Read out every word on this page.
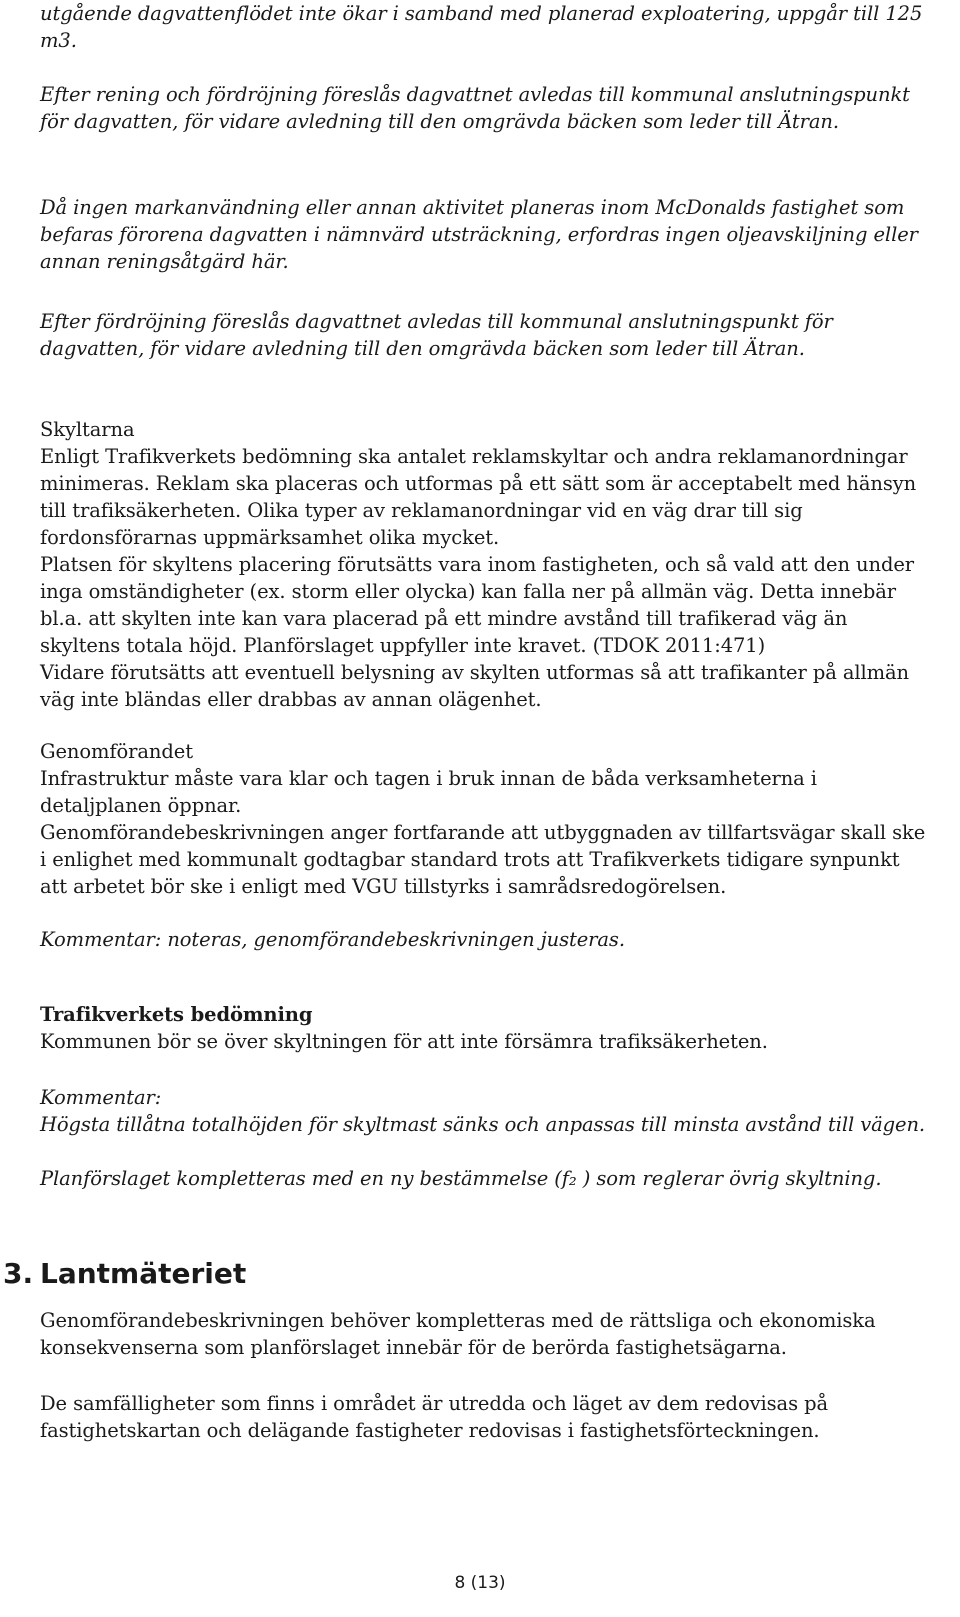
utgående dagvattenflödet inte ökar i samband med planerad exploatering, uppgår till 125 m3.

Efter rening och fördröjning föreslås dagvattnet avledas till kommunal anslutningspunkt för dagvatten, för vidare avledning till den omgrävda bäcken som leder till Ätran.

Då ingen markanvändning eller annan aktivitet planeras inom McDonalds fastighet som befaras förorena dagvatten i nämnvärd utsträckning, erfordras ingen oljeavskiljning eller annan reningsåtgärd här.

Efter fördröjning föreslås dagvattnet avledas till kommunal anslutningspunkt för dagvatten, för vidare avledning till den omgrävda bäcken som leder till Ätran.

Skyltarna

Enligt Trafikverkets bedömning ska antalet reklamskyltar och andra reklamanordningar minimeras. Reklam ska placeras och utformas på ett sätt som är acceptabelt med hänsyn till trafiksäkerheten. Olika typer av reklamanordningar vid en väg drar till sig fordonsförarnas uppmärksamhet olika mycket.

Platsen för skyltens placering förutsätts vara inom fastigheten, och så vald att den under inga omständigheter (ex. storm eller olycka) kan falla ner på allmän väg. Detta innebär bl.a. att skylten inte kan vara placerad på ett mindre avstånd till trafikerad väg än skyltens totala höjd. Planförslaget uppfyller inte kravet. (TDOK 2011:471)

Vidare förutsätts att eventuell belysning av skylten utformas så att trafikanter på allmän väg inte bländas eller drabbas av annan olägenhet.

Genomförandet

Infrastruktur måste vara klar och tagen i bruk innan de båda verksamheterna i detaljplanen öppnar.

Genomförandebeskrivningen anger fortfarande att utbyggnaden av tillfartsvägar skall ske i enlighet med kommunalt godtagbar standard trots att Trafikverkets tidigare synpunkt att arbetet bör ske i enligt med VGU tillstyrks i samrådsredogörelsen.

Kommentar: noteras, genomförandebeskrivningen justeras.

Trafikverkets bedömning

Kommunen bör se över skyltningen för att inte försämra trafiksäkerheten.

Kommentar:

Högsta tillåtna totalhöjden för skyltmast sänks och anpassas till minsta avstånd till vägen.

Planförslaget kompletteras med en ny bestämmelse (f₂ ) som reglerar övrig skyltning.

3. Lantmäteriet

Genomförandebeskrivningen behöver kompletteras med de rättsliga och ekonomiska konsekvenserna som planförslaget innebär för de berörda fastighetsägarna.

De samfälligheter som finns i området är utredda och läget av dem redovisas på fastighetskartan och delägande fastigheter redovisas i fastighetsförteckningen.

8 (13)
